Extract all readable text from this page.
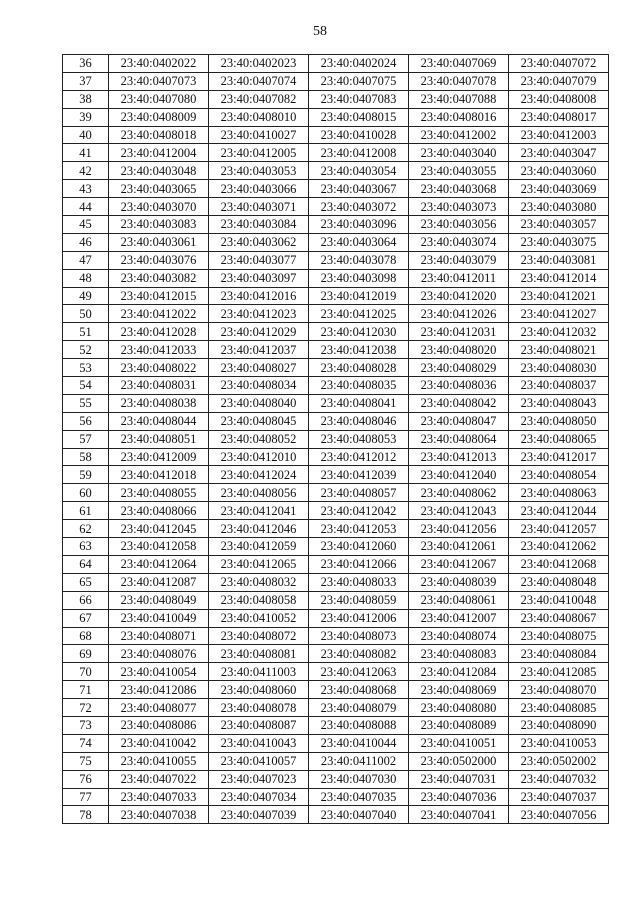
58
36	23:40:0402022	23:40:0402023	23:40:0402024	23:40:0407069	23:40:0407072
37	23:40:0407073	23:40:0407074	23:40:0407075	23:40:0407078	23:40:0407079
38	23:40:0407080	23:40:0407082	23:40:0407083	23:40:0407088	23:40:0408008
39	23:40:0408009	23:40:0408010	23:40:0408015	23:40:0408016	23:40:0408017
40	23:40:0408018	23:40:0410027	23:40:0410028	23:40:0412002	23:40:0412003
41	23:40:0412004	23:40:0412005	23:40:0412008	23:40:0403040	23:40:0403047
42	23:40:0403048	23:40:0403053	23:40:0403054	23:40:0403055	23:40:0403060
43	23:40:0403065	23:40:0403066	23:40:0403067	23:40:0403068	23:40:0403069
44	23:40:0403070	23:40:0403071	23:40:0403072	23:40:0403073	23:40:0403080
45	23:40:0403083	23:40:0403084	23:40:0403096	23:40:0403056	23:40:0403057
46	23:40:0403061	23:40:0403062	23:40:0403064	23:40:0403074	23:40:0403075
47	23:40:0403076	23:40:0403077	23:40:0403078	23:40:0403079	23:40:0403081
48	23:40:0403082	23:40:0403097	23:40:0403098	23:40:0412011	23:40:0412014
49	23:40:0412015	23:40:0412016	23:40:0412019	23:40:0412020	23:40:0412021
50	23:40:0412022	23:40:0412023	23:40:0412025	23:40:0412026	23:40:0412027
51	23:40:0412028	23:40:0412029	23:40:0412030	23:40:0412031	23:40:0412032
52	23:40:0412033	23:40:0412037	23:40:0412038	23:40:0408020	23:40:0408021
53	23:40:0408022	23:40:0408027	23:40:0408028	23:40:0408029	23:40:0408030
54	23:40:0408031	23:40:0408034	23:40:0408035	23:40:0408036	23:40:0408037
55	23:40:0408038	23:40:0408040	23:40:0408041	23:40:0408042	23:40:0408043
56	23:40:0408044	23:40:0408045	23:40:0408046	23:40:0408047	23:40:0408050
57	23:40:0408051	23:40:0408052	23:40:0408053	23:40:0408064	23:40:0408065
58	23:40:0412009	23:40:0412010	23:40:0412012	23:40:0412013	23:40:0412017
59	23:40:0412018	23:40:0412024	23:40:0412039	23:40:0412040	23:40:0408054
60	23:40:0408055	23:40:0408056	23:40:0408057	23:40:0408062	23:40:0408063
61	23:40:0408066	23:40:0412041	23:40:0412042	23:40:0412043	23:40:0412044
62	23:40:0412045	23:40:0412046	23:40:0412053	23:40:0412056	23:40:0412057
63	23:40:0412058	23:40:0412059	23:40:0412060	23:40:0412061	23:40:0412062
64	23:40:0412064	23:40:0412065	23:40:0412066	23:40:0412067	23:40:0412068
65	23:40:0412087	23:40:0408032	23:40:0408033	23:40:0408039	23:40:0408048
66	23:40:0408049	23:40:0408058	23:40:0408059	23:40:0408061	23:40:0410048
67	23:40:0410049	23:40:0410052	23:40:0412006	23:40:0412007	23:40:0408067
68	23:40:0408071	23:40:0408072	23:40:0408073	23:40:0408074	23:40:0408075
69	23:40:0408076	23:40:0408081	23:40:0408082	23:40:0408083	23:40:0408084
70	23:40:0410054	23:40:0411003	23:40:0412063	23:40:0412084	23:40:0412085
71	23:40:0412086	23:40:0408060	23:40:0408068	23:40:0408069	23:40:0408070
72	23:40:0408077	23:40:0408078	23:40:0408079	23:40:0408080	23:40:0408085
73	23:40:0408086	23:40:0408087	23:40:0408088	23:40:0408089	23:40:0408090
74	23:40:0410042	23:40:0410043	23:40:0410044	23:40:0410051	23:40:0410053
75	23:40:0410055	23:40:0410057	23:40:0411002	23:40:0502000	23:40:0502002
76	23:40:0407022	23:40:0407023	23:40:0407030	23:40:0407031	23:40:0407032
77	23:40:0407033	23:40:0407034	23:40:0407035	23:40:0407036	23:40:0407037
78	23:40:0407038	23:40:0407039	23:40:0407040	23:40:0407041	23:40:0407056
